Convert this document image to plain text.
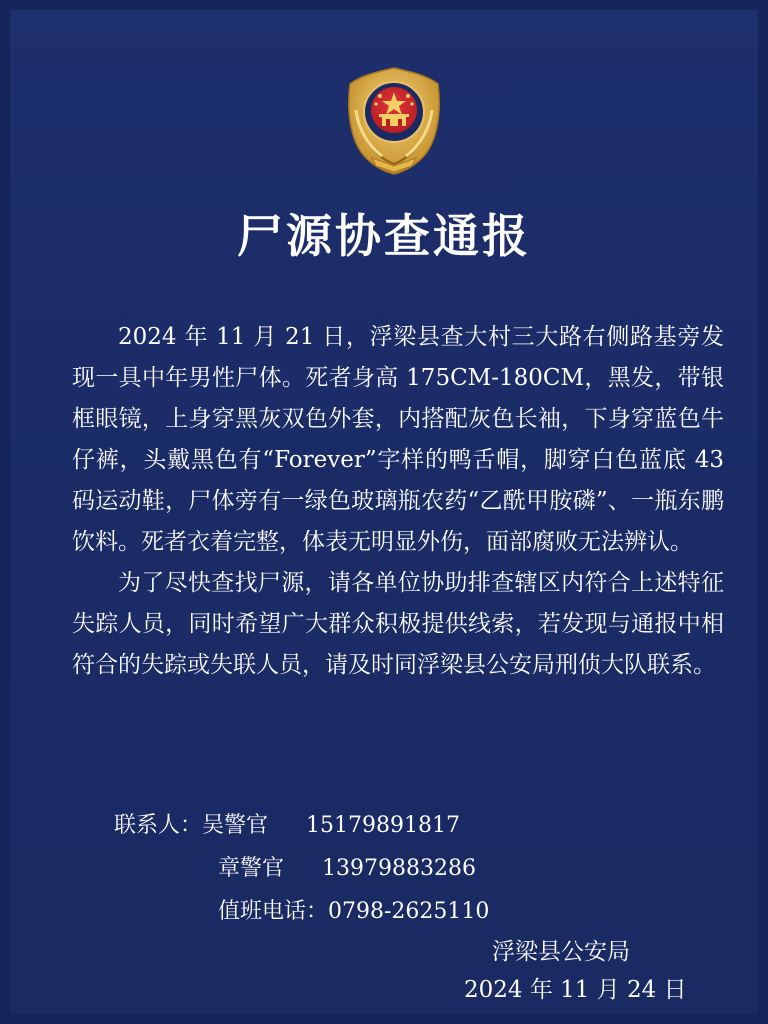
尸源协查通报

2024 年 11 月 21 日，浮梁县查大村三大路右侧路基旁发现一具中年男性尸体。死者身高 175CM-180CM，黑发，带银框眼镜，上身穿黑灰双色外套，内搭配灰色长袖，下身穿蓝色牛仔裤，头戴黑色有“Forever”字样的鸭舌帽，脚穿白色蓝底 43 码运动鞋，尸体旁有一绿色玻璃瓶农药“乙酰甲胺磷”、一瓶东鹏饮料。死者衣着完整，体表无明显外伤，面部腐败无法辨认。

为了尽快查找尸源，请各单位协助排查辖区内符合上述特征失踪人员，同时希望广大群众积极提供线索，若发现与通报中相符合的失踪或失联人员，请及时同浮梁县公安局刑侦大队联系。

联系人：吴警官 15179891817
章警官 13979883286
值班电话：0798-2625110
浮梁县公安局
2024 年 11 月 24 日
